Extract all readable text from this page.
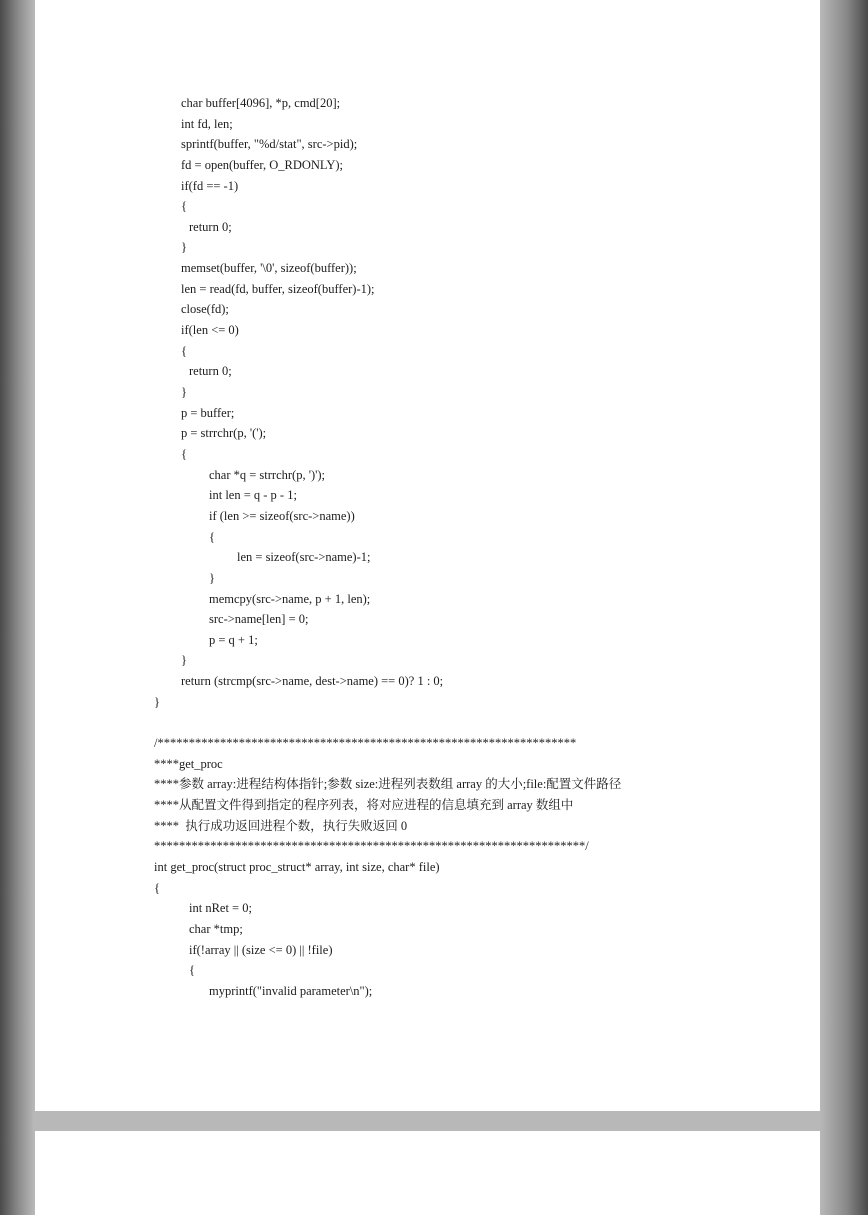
char buffer[4096], *p, cmd[20];
int fd, len;
sprintf(buffer, "%d/stat", src->pid);
fd = open(buffer, O_RDONLY);
if(fd == -1)
{
return 0;
}
memset(buffer, '\0', sizeof(buffer));
len = read(fd, buffer, sizeof(buffer)-1);
close(fd);
if(len <= 0)
{
return 0;
}
p = buffer;
p = strrchr(p, '(');
{
char *q = strrchr(p, ')');
int len = q - p - 1;
if (len >= sizeof(src->name))
{
len = sizeof(src->name)-1;
}
memcpy(src->name, p + 1, len);
src->name[len] = 0;
p = q + 1;
}
return (strcmp(src->name, dest->name) == 0)? 1 : 0;
}
/*******************************************************************
****get_proc
****参数 array:进程结构体指针;参数 size:进程列表数组 array 的大小;file:配置文件路径
****从配置文件得到指定的程序列表，将对应进程的信息填充到 array 数组中
****  执行成功返回进程个数，执行失败返回 0
*********************************************************************/
int get_proc(struct proc_struct* array, int size, char* file)
{
int nRet = 0;
char *tmp;
if(!array || (size <= 0) || !file)
{
myprintf("invalid parameter\n");
